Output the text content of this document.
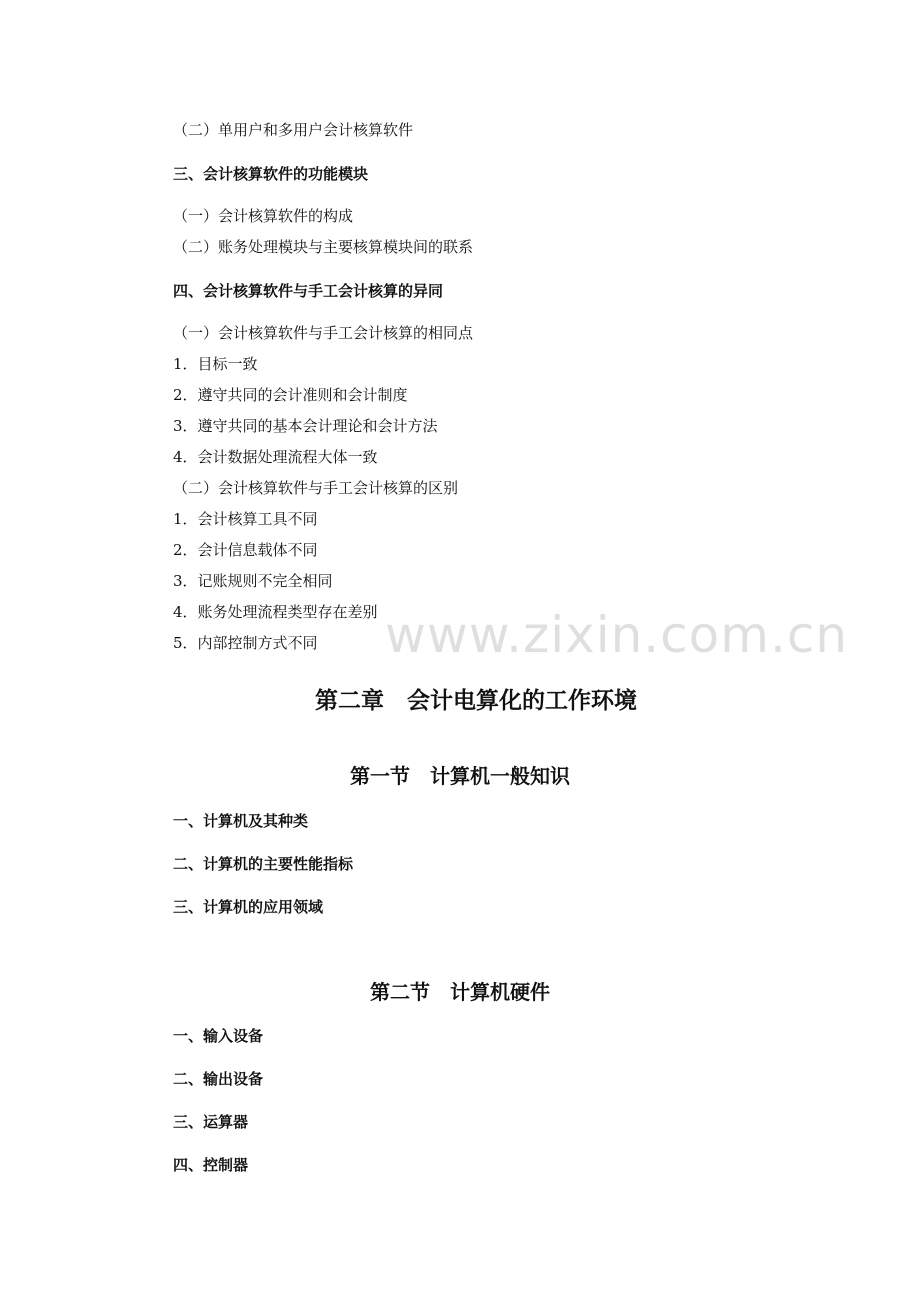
（二）单用户和多用户会计核算软件
三、会计核算软件的功能模块
（一）会计核算软件的构成
（二）账务处理模块与主要核算模块间的联系
四、会计核算软件与手工会计核算的异同
（一）会计核算软件与手工会计核算的相同点
1．目标一致
2．遵守共同的会计准则和会计制度
3．遵守共同的基本会计理论和会计方法
4．会计数据处理流程大体一致
（二）会计核算软件与手工会计核算的区别
1．会计核算工具不同
2．会计信息载体不同
3．记账规则不完全相同
4．账务处理流程类型存在差别
5．内部控制方式不同 www.zixin.com.cn
第二章　会计电算化的工作环境
第一节　计算机一般知识
一、计算机及其种类
二、计算机的主要性能指标
三、计算机的应用领域
第二节　计算机硬件
一、输入设备
二、输出设备
三、运算器
四、控制器
